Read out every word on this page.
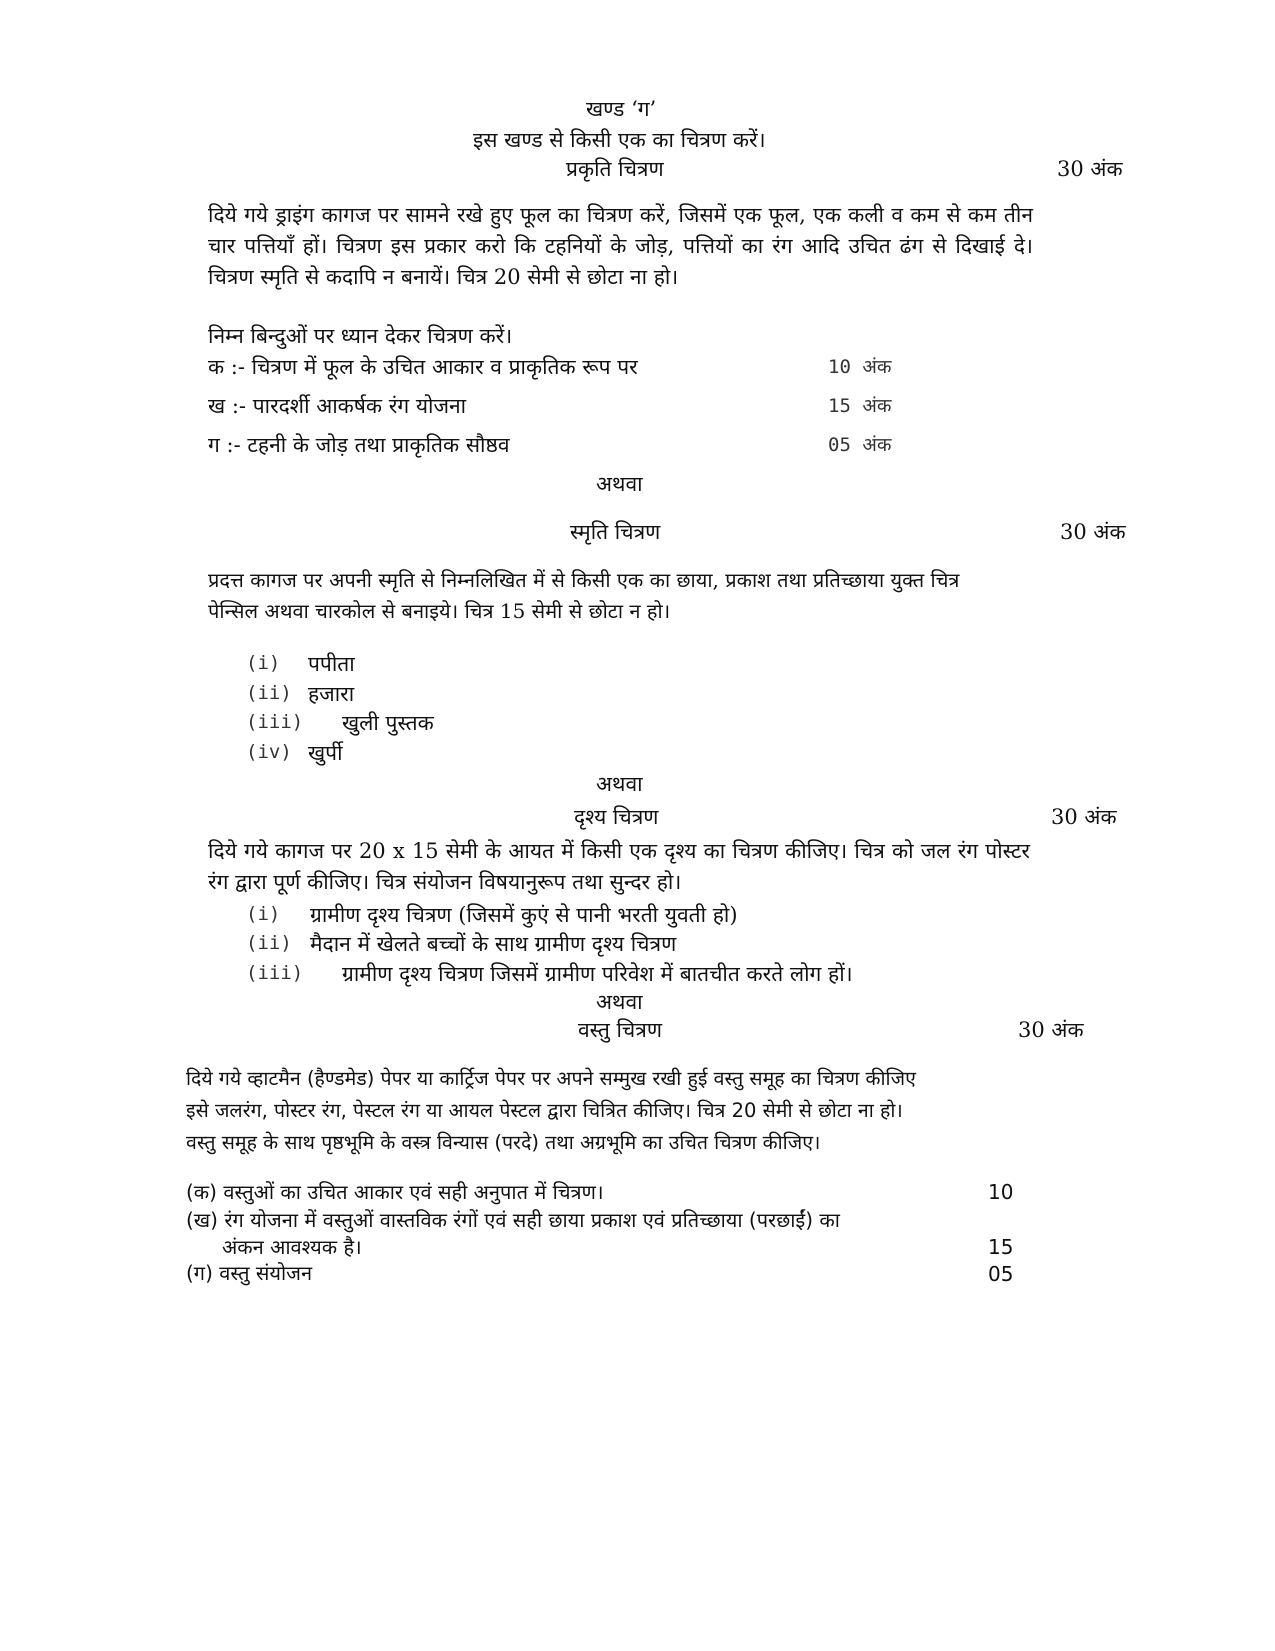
खण्ड ‘ग’
इस खण्ड से किसी एक का चित्रण करें।
प्रकृति चित्रण	30 अंक
दिये गये ड्राइंग कागज पर सामने रखे हुए फूल का चित्रण करें, जिसमें एक फूल, एक कली व कम से कम तीन चार पत्तियाँ हों। चित्रण इस प्रकार करो कि टहनियों के जोड़, पत्तियों का रंग आदि उचित ढंग से दिखाई दे। चित्रण स्मृति से कदापि न बनायें। चित्र 20 सेमी से छोटा ना हो।
निम्न बिन्दुओं पर ध्यान देकर चित्रण करें।
क :- चित्रण में फूल के उचित आकार व प्राकृतिक रूप पर	10 अंक
ख :- पारदर्शी आकर्षक रंग योजना	15 अंक
ग :- टहनी के जोड़ तथा प्राकृतिक सौष्ठव	05 अंक
अथवा
स्मृति चित्रण	30 अंक
प्रदत्त कागज पर अपनी स्मृति से निम्नलिखित में से किसी एक का छाया, प्रकाश तथा प्रतिच्छाया युक्त चित्र
पेन्सिल अथवा चारकोल से बनाइये। चित्र 15 सेमी से छोटा न हो।
(i) पपीता
(ii) हजारा
(iii) खुली पुस्तक
(iv) खुर्पी
अथवा
दृश्य चित्रण	30 अंक
दिये गये कागज पर 20 x 15 सेमी के आयत में किसी एक दृश्य का चित्रण कीजिए। चित्र को जल रंग पोस्टर रंग द्वारा पूर्ण कीजिए। चित्र संयोजन विषयानुरूप तथा सुन्दर हो।
(i) ग्रामीण दृश्य चित्रण (जिसमें कुएं से पानी भरती युवती हो)
(ii) मैदान में खेलते बच्चों के साथ ग्रामीण दृश्य चित्रण
(iii) ग्रामीण दृश्य चित्रण जिसमें ग्रामीण परिवेश में बातचीत करते लोग हों।
अथवा
वस्तु चित्रण	30 अंक
दिये गये व्हाटमैन (हैण्डमेड) पेपर या कार्ट्रिज पेपर पर अपने सम्मुख रखी हुई वस्तु समूह का चित्रण कीजिए
इसे जलरंग, पोस्टर रंग, पेस्टल रंग या आयल पेस्टल द्वारा चित्रित कीजिए। चित्र 20 सेमी से छोटा ना हो।
वस्तु समूह के साथ पृष्ठभूमि के वस्त्र विन्यास (परदे) तथा अग्रभूमि का उचित चित्रण कीजिए।
(क) वस्तुओं का उचित आकार एवं सही अनुपात में चित्रण।	10
(ख) रंग योजना में वस्तुओं वास्तविक रंगों एवं सही छाया प्रकाश एवं प्रतिच्छाया (परछाईं) का
अंकन आवश्यक है।	15
(ग) वस्तु संयोजन	05
